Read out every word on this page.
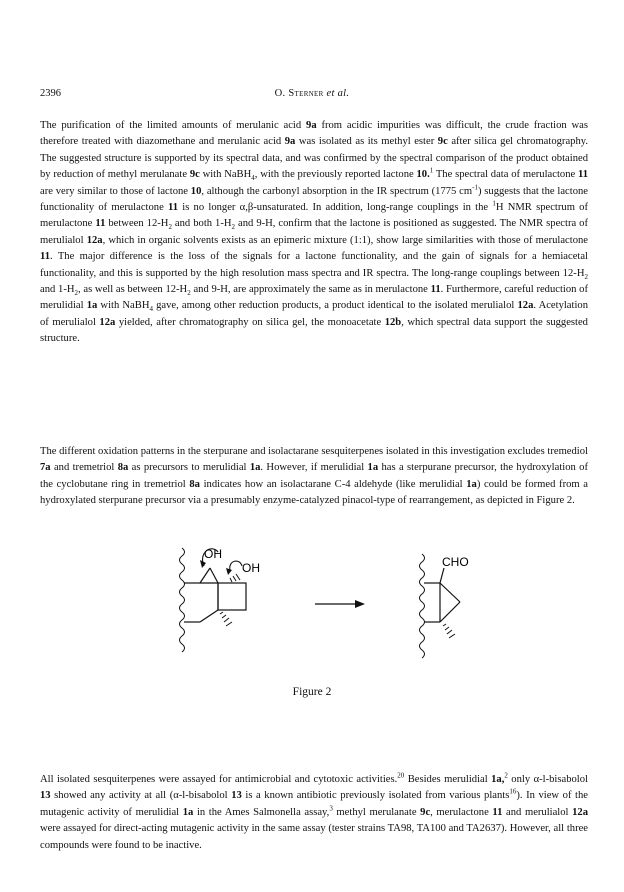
2396	O. Sterner et al.

The purification of the limited amounts of merulanic acid 9a from acidic impurities was difficult, the crude fraction was therefore treated with diazomethane and merulanic acid 9a was isolated as its methyl ester 9c after silica gel chromatography. The suggested structure is supported by its spectral data, and was confirmed by the spectral comparison of the product obtained by reduction of methyl merulanate 9c with NaBH$_4$, with the previously reported lactone 10.$^1$ The spectral data of merulactone 11 are very similar to those of lactone 10, although the carbonyl absorption in the IR spectrum (1775 $cm^{-1}$) suggests that the lactone functionality of merulactone 11 is no longer α,β-unsaturated. In addition, long-range couplings in the $^1$H NMR spectrum of merulactone 11 between $12-H_2$ and both $1-H_2$ and 9-H, confirm that the lactone is positioned as suggested. The NMR spectra of merulialol 12a, which in organic solvents exists as an epimeric mixture (1:1), show large similarities with those of merulactone 11. The major difference is the loss of the signals for a lactone functionality, and the gain of signals for a hemiacetal functionality, and this is supported by the high resolution mass spectra and IR spectra. The long-range couplings between $12-H_2$ and $1-H_2$, as well as between $12-H_2$ and 9-H, are approximately the same as in merulactone 11. Furthermore, careful reduction of merulidial 1a with NaBH$_4$ gave, among other reduction products, a product identical to the isolated merulialol 12a. Acetylation of merulialol 12a yielded, after chromatography on silica gel, the monoacetate 12b, which spectral data support the suggested structure.

The different oxidation patterns in the sterpurane and isolactarane sesquiterpenes isolated in this investigation excludes tremediol 7a and tremetriol 8a as precursors to merulidial 1a. However, if merulidial 1a has a sterpurane precursor, the hydroxylation of the cyclobutane ring in tremetriol 8a indicates how an isolactarane C-4 aldehyde (like merulidial 1a) could be formed from a hydroxylated sterpurane precursor via a presumably enzyme-catalyzed pinacol-type of rearrangement, as depicted in Figure 2.

OH
OH	CHO
Figure 2

All isolated sesquiterpenes were assayed for antimicrobial and cytotoxic activities.$^{20}$ Besides merulidial 1a,$^2$ only α-l-bisabolol 13 showed any activity at all (α-l-bisabolol 13 is a known antibiotic previously isolated from various plants$^{16}$). In view of the mutagenic activity of merulidial 1a in the Ames Salmonella assay,$^3$ methyl merulanate 9c, merulactone 11 and merulialol 12a were assayed for direct-acting mutagenic activity in the same assay (tester strains TA98, TA100 and TA2637). However, all three compounds were found to be inactive.
